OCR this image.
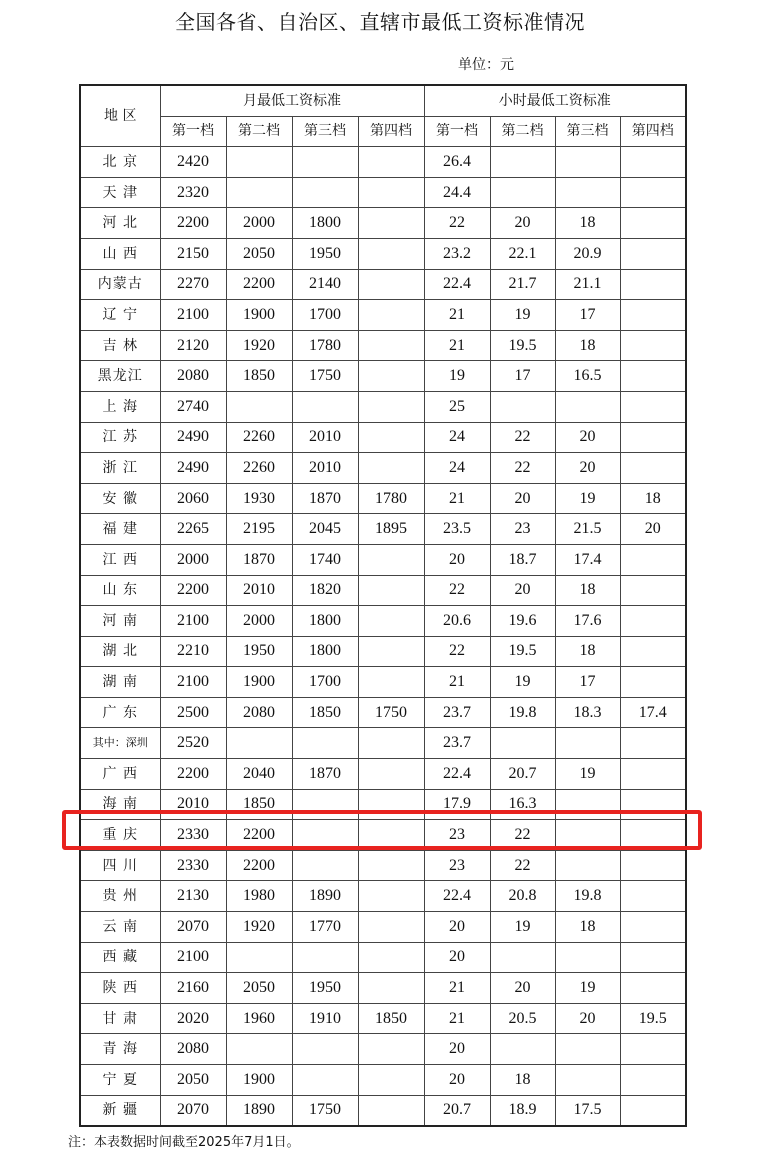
全国各省、自治区、直辖市最低工资标准情况
单位：元
地 区	月最低工资标准				小时最低工资标准			
	第一档	第二档	第三档	第四档	第一档	第二档	第三档	第四档
北 京	2420				26.4			
天 津	2320				24.4			
河 北	2200	2000	1800		22	20	18	
山 西	2150	2050	1950		23.2	22.1	20.9	
内蒙古	2270	2200	2140		22.4	21.7	21.1	
辽 宁	2100	1900	1700		21	19	17	
吉 林	2120	1920	1780		21	19.5	18	
黑龙江	2080	1850	1750		19	17	16.5	
上 海	2740				25			
江 苏	2490	2260	2010		24	22	20	
浙 江	2490	2260	2010		24	22	20	
安 徽	2060	1930	1870	1780	21	20	19	18
福 建	2265	2195	2045	1895	23.5	23	21.5	20
江 西	2000	1870	1740		20	18.7	17.4	
山 东	2200	2010	1820		22	20	18	
河 南	2100	2000	1800		20.6	19.6	17.6	
湖 北	2210	1950	1800		22	19.5	18	
湖 南	2100	1900	1700		21	19	17	
广 东	2500	2080	1850	1750	23.7	19.8	18.3	17.4
其中：深圳	2520				23.7			
广 西	2200	2040	1870		22.4	20.7	19	
海 南	2010	1850			17.9	16.3		
重 庆	2330	2200			23	22		
四 川	2330	2200			23	22		
贵 州	2130	1980	1890		22.4	20.8	19.8	
云 南	2070	1920	1770		20	19	18	
西 藏	2100				20			
陕 西	2160	2050	1950		21	20	19	
甘 肃	2020	1960	1910	1850	21	20.5	20	19.5
青 海	2080				20			
宁 夏	2050	1900			20	18		
新 疆	2070	1890	1750		20.7	18.9	17.5	
注：本表数据时间截至2025年7月1日。
